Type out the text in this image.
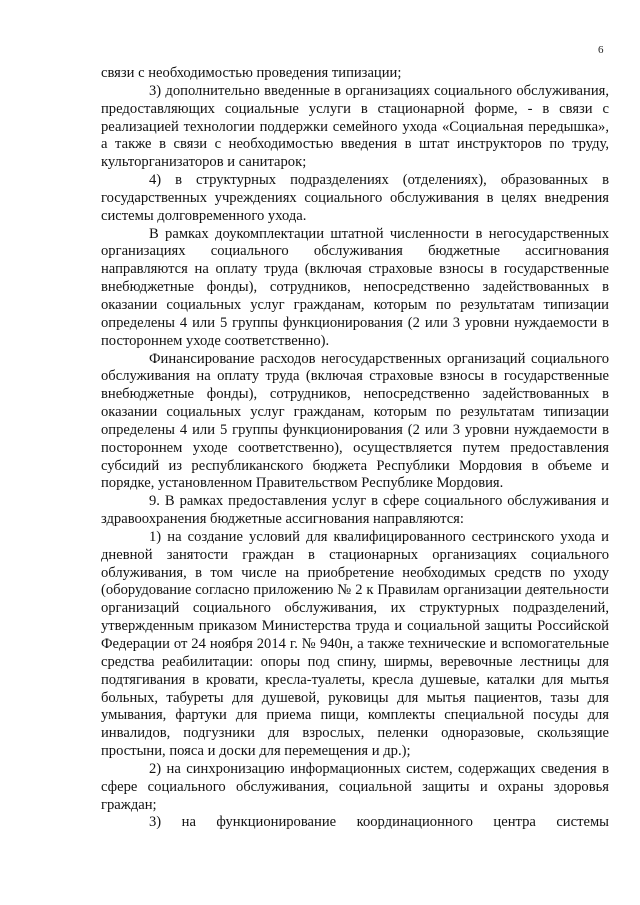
6

связи с необходимостью проведения типизации;

3) дополнительно введенные в организациях социального обслуживания, предоставляющих социальные услуги в стационарной форме, - в связи с реализацией технологии поддержки семейного ухода «Социальная передышка», а также в связи с необходимостью введения в штат инструкторов по труду, культорганизаторов и санитарок;

4) в структурных подразделениях (отделениях), образованных в государственных учреждениях социального обслуживания в целях внедрения системы долговременного ухода.

В рамках доукомплектации штатной численности в негосударственных организациях социального обслуживания бюджетные ассигнования направляются на оплату труда (включая страховые взносы в государственные внебюджетные фонды), сотрудников, непосредственно задействованных в оказании социальных услуг гражданам, которым по результатам типизации определены 4 или 5 группы функционирования (2 или 3 уровни нуждаемости в постороннем уходе соответственно).

Финансирование расходов негосударственных организаций социального обслуживания на оплату труда (включая страховые взносы в государственные внебюджетные фонды), сотрудников, непосредственно задействованных в оказании социальных услуг гражданам, которым по результатам типизации определены 4 или 5 группы функционирования (2 или 3 уровни нуждаемости в постороннем уходе соответственно), осуществляется путем предоставления субсидий из республиканского бюджета Республики Мордовия в объеме и порядке, установленном Правительством Республике Мордовия.

9. В рамках предоставления услуг в сфере социального обслуживания и здравоохранения бюджетные ассигнования направляются:

1) на создание условий для квалифицированного сестринского ухода и дневной занятости граждан в стационарных организациях социального облуживания, в том числе на приобретение необходимых средств по уходу (оборудование согласно приложению № 2 к Правилам организации деятельности организаций социального обслуживания, их структурных подразделений, утвержденным приказом Министерства труда и социальной защиты Российской Федерации от 24 ноября 2014 г. № 940н, а также технические и вспомогательные средства реабилитации: опоры под спину, ширмы, веревочные лестницы для подтягивания в кровати, кресла-туалеты, кресла душевые, каталки для мытья больных, табуреты для душевой, руковицы для мытья пациентов, тазы для умывания, фартуки для приема пищи, комплекты специальной посуды для инвалидов, подгузники для взрослых, пеленки одноразовые, скользящие простыни, пояса и доски для перемещения и др.);

2) на синхронизацию информационных систем, содержащих сведения в сфере социального обслуживания, социальной защиты и охраны здоровья граждан;

3) на функционирование координационного центра системы
